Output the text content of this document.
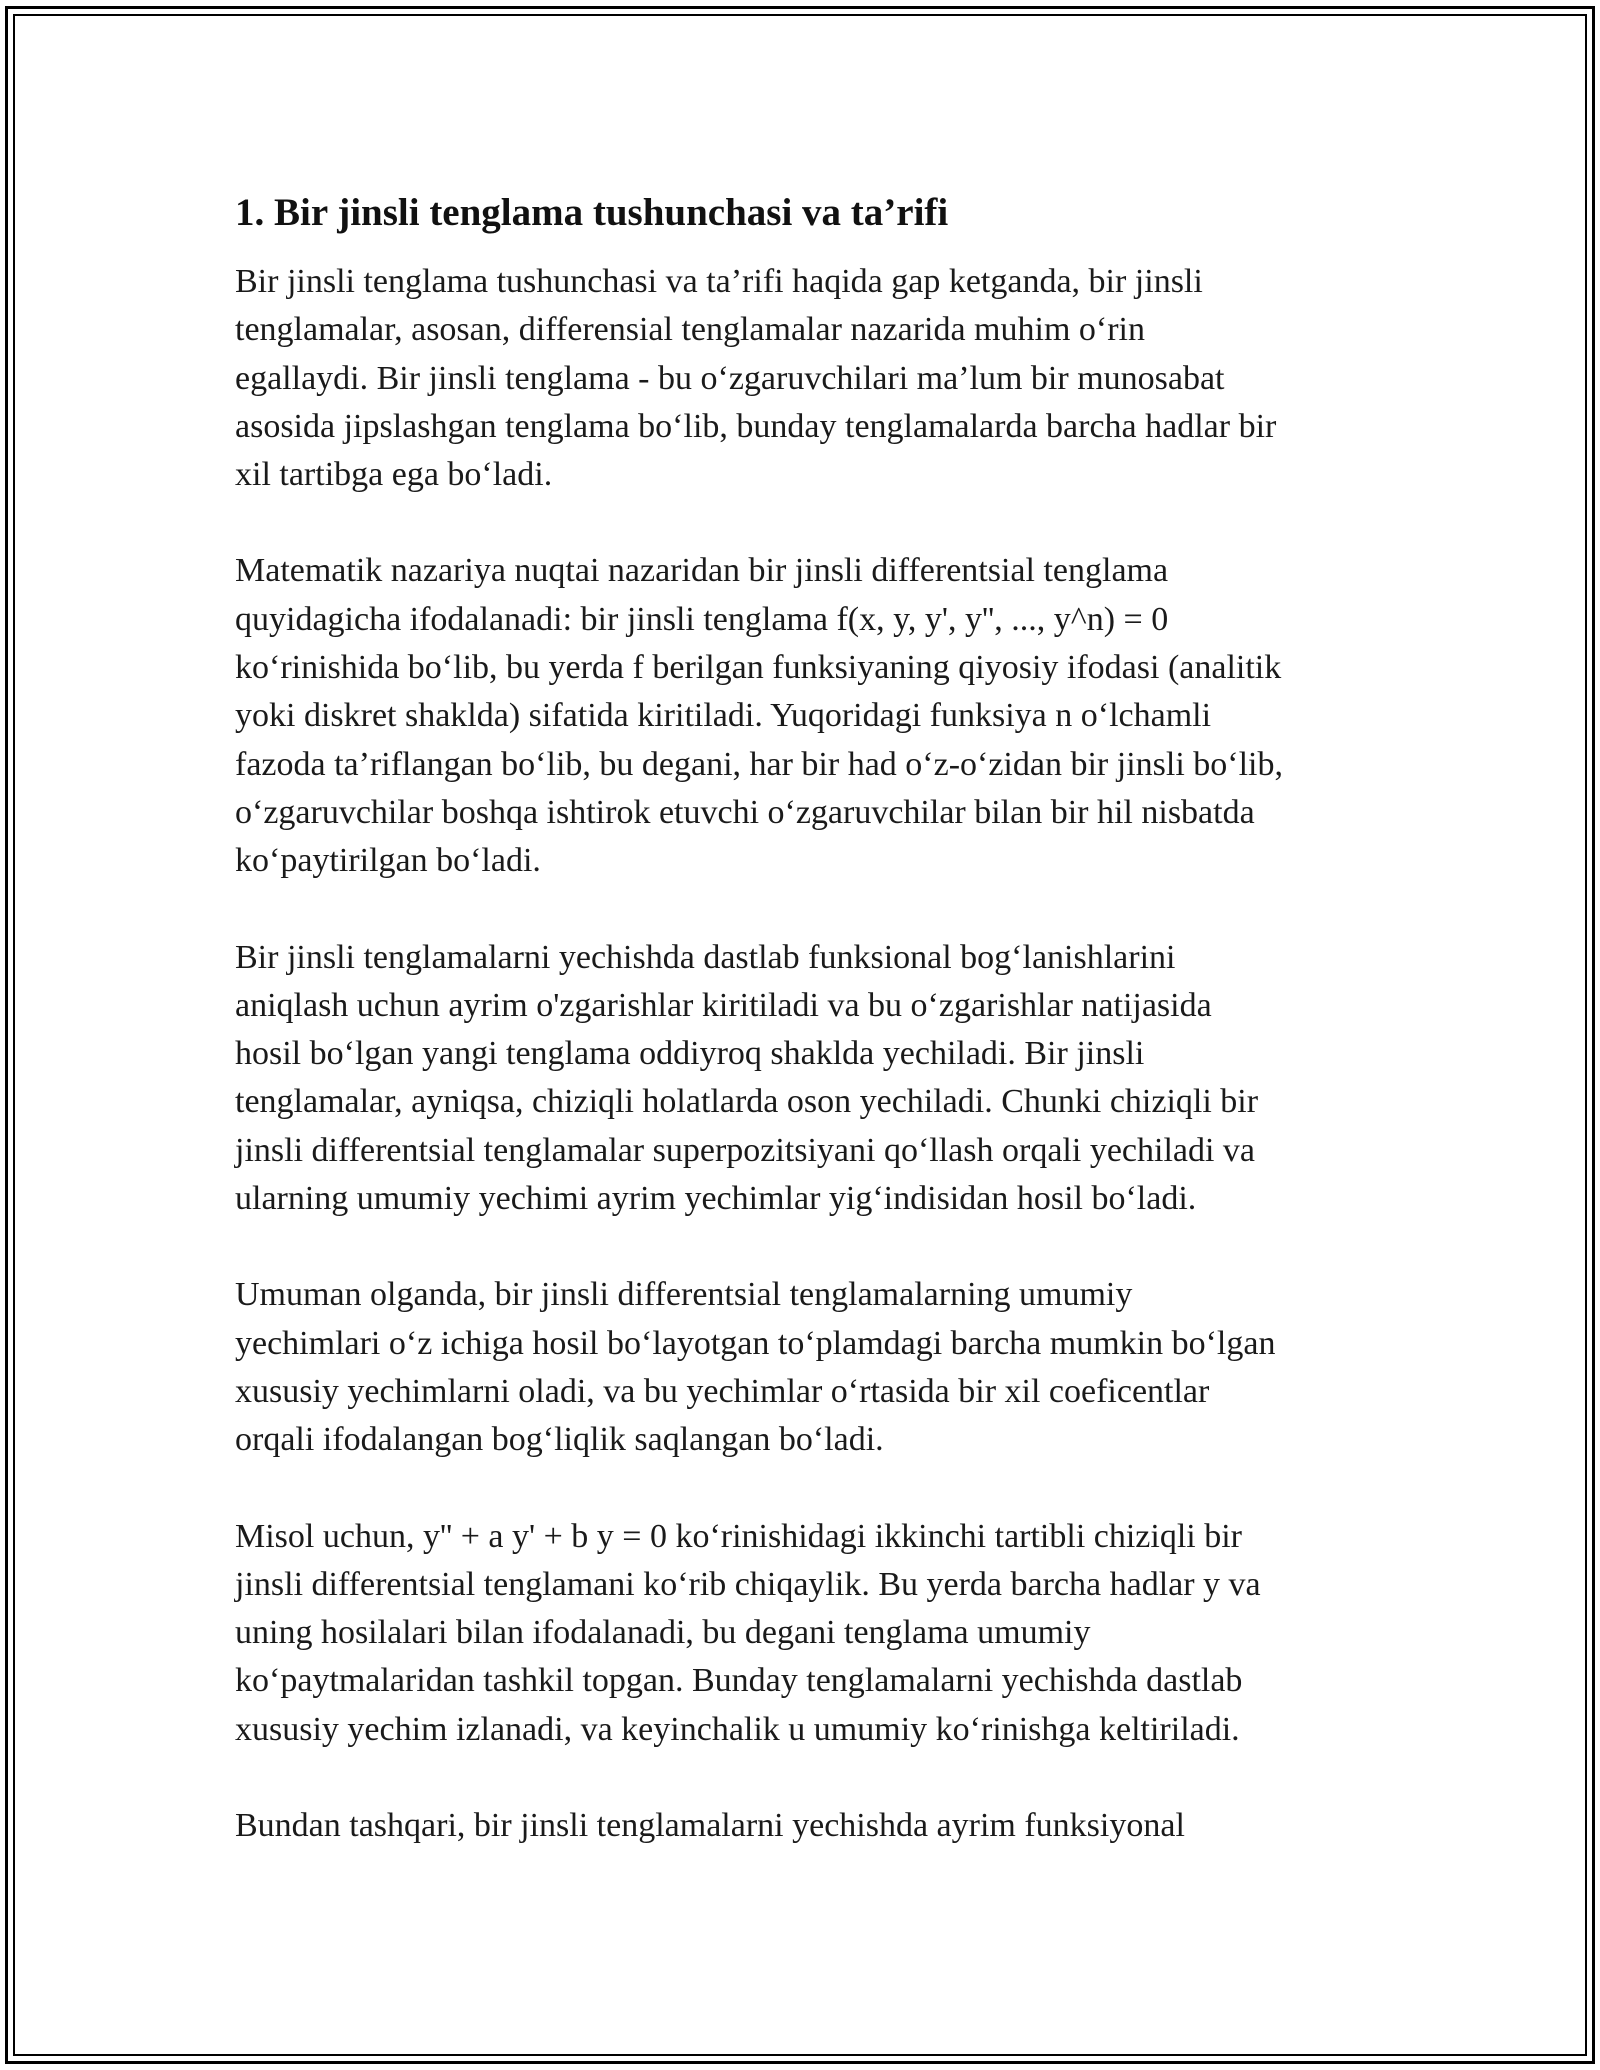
1. Bir jinsli tenglama tushunchasi va ta’rifi

Bir jinsli tenglama tushunchasi va ta’rifi haqida gap ketganda, bir jinsli
tenglamalar, asosan, differensial tenglamalar nazarida muhim o‘rin
egallaydi. Bir jinsli tenglama - bu o‘zgaruvchilari ma’lum bir munosabat
asosida jipslashgan tenglama bo‘lib, bunday tenglamalarda barcha hadlar bir
xil tartibga ega bo‘ladi.

Matematik nazariya nuqtai nazaridan bir jinsli differentsial tenglama
quyidagicha ifodalanadi: bir jinsli tenglama f(x, y, y', y'', ..., y^n) = 0
ko‘rinishida bo‘lib, bu yerda f berilgan funksiyaning qiyosiy ifodasi (analitik
yoki diskret shaklda) sifatida kiritiladi. Yuqoridagi funksiya n o‘lchamli
fazoda ta’riflangan bo‘lib, bu degani, har bir had o‘z-o‘zidan bir jinsli bo‘lib,
o‘zgaruvchilar boshqa ishtirok etuvchi o‘zgaruvchilar bilan bir hil nisbatda
ko‘paytirilgan bo‘ladi.

Bir jinsli tenglamalarni yechishda dastlab funksional bog‘lanishlarini
aniqlash uchun ayrim o'zgarishlar kiritiladi va bu o‘zgarishlar natijasida
hosil bo‘lgan yangi tenglama oddiyroq shaklda yechiladi. Bir jinsli
tenglamalar, ayniqsa, chiziqli holatlarda oson yechiladi. Chunki chiziqli bir
jinsli differentsial tenglamalar superpozitsiyani qo‘llash orqali yechiladi va
ularning umumiy yechimi ayrim yechimlar yig‘indisidan hosil bo‘ladi.

Umuman olganda, bir jinsli differentsial tenglamalarning umumiy
yechimlari o‘z ichiga hosil bo‘layotgan to‘plamdagi barcha mumkin bo‘lgan
xususiy yechimlarni oladi, va bu yechimlar o‘rtasida bir xil coeficentlar
orqali ifodalangan bog‘liqlik saqlangan bo‘ladi.

Misol uchun, y'' + a y' + b y = 0 ko‘rinishidagi ikkinchi tartibli chiziqli bir
jinsli differentsial tenglamani ko‘rib chiqaylik. Bu yerda barcha hadlar y va
uning hosilalari bilan ifodalanadi, bu degani tenglama umumiy
ko‘paytmalaridan tashkil topgan. Bunday tenglamalarni yechishda dastlab
xususiy yechim izlanadi, va keyinchalik u umumiy ko‘rinishga keltiriladi.

Bundan tashqari, bir jinsli tenglamalarni yechishda ayrim funksiyonal
